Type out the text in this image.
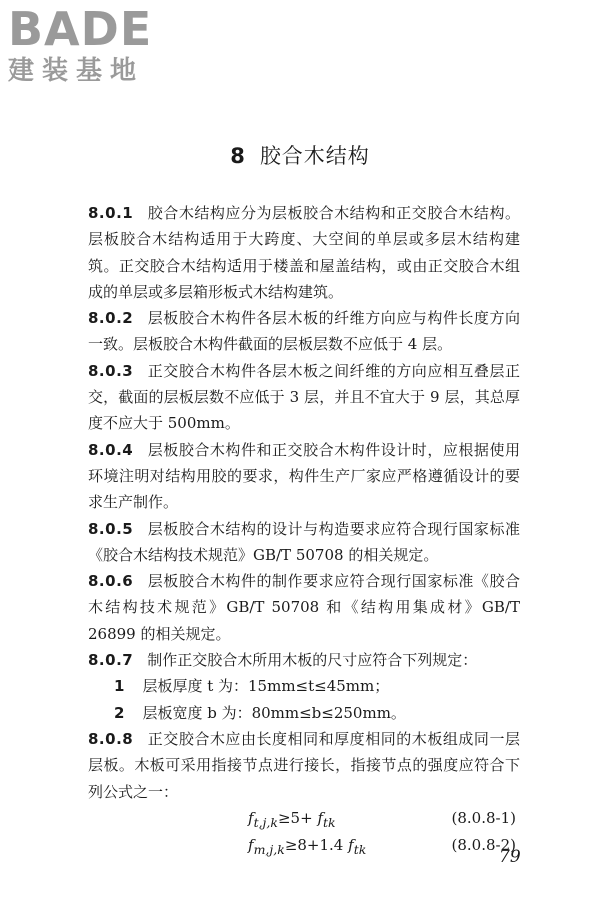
BADE
建装基地
8 胶合木结构

8.0.1 胶合木结构应分为层板胶合木结构和正交胶合木结构。层板胶合木结构适用于大跨度、大空间的单层或多层木结构建筑。正交胶合木结构适用于楼盖和屋盖结构，或由正交胶合木组成的单层或多层箱形板式木结构建筑。

8.0.2 层板胶合木构件各层木板的纤维方向应与构件长度方向一致。层板胶合木构件截面的层板层数不应低于 4 层。

8.0.3 正交胶合木构件各层木板之间纤维的方向应相互叠层正交，截面的层板层数不应低于 3 层，并且不宜大于 9 层，其总厚度不应大于 500mm。

8.0.4 层板胶合木构件和正交胶合木构件设计时，应根据使用环境注明对结构用胶的要求，构件生产厂家应严格遵循设计的要求生产制作。

8.0.5 层板胶合木结构的设计与构造要求应符合现行国家标准《胶合木结构技术规范》GB/T 50708 的相关规定。

8.0.6 层板胶合木构件的制作要求应符合现行国家标准《胶合木结构技术规范》GB/T 50708 和《结构用集成材》GB/T 26899 的相关规定。

8.0.7 制作正交胶合木所用木板的尺寸应符合下列规定：

1 层板厚度 t 为：15mm≤t≤45mm；

2 层板宽度 b 为：80mm≤b≤250mm。

8.0.8 正交胶合木应由长度相同和厚度相同的木板组成同一层层板。木板可采用指接节点进行接长，指接节点的强度应符合下列公式之一：

$f_{t,j,k}\ge 5+ f_{tk}$	(8.0.8-1)
$f_{m,j,k}\ge 8+1.4$ $f_{tk}$	(8.0.8-2)
79
